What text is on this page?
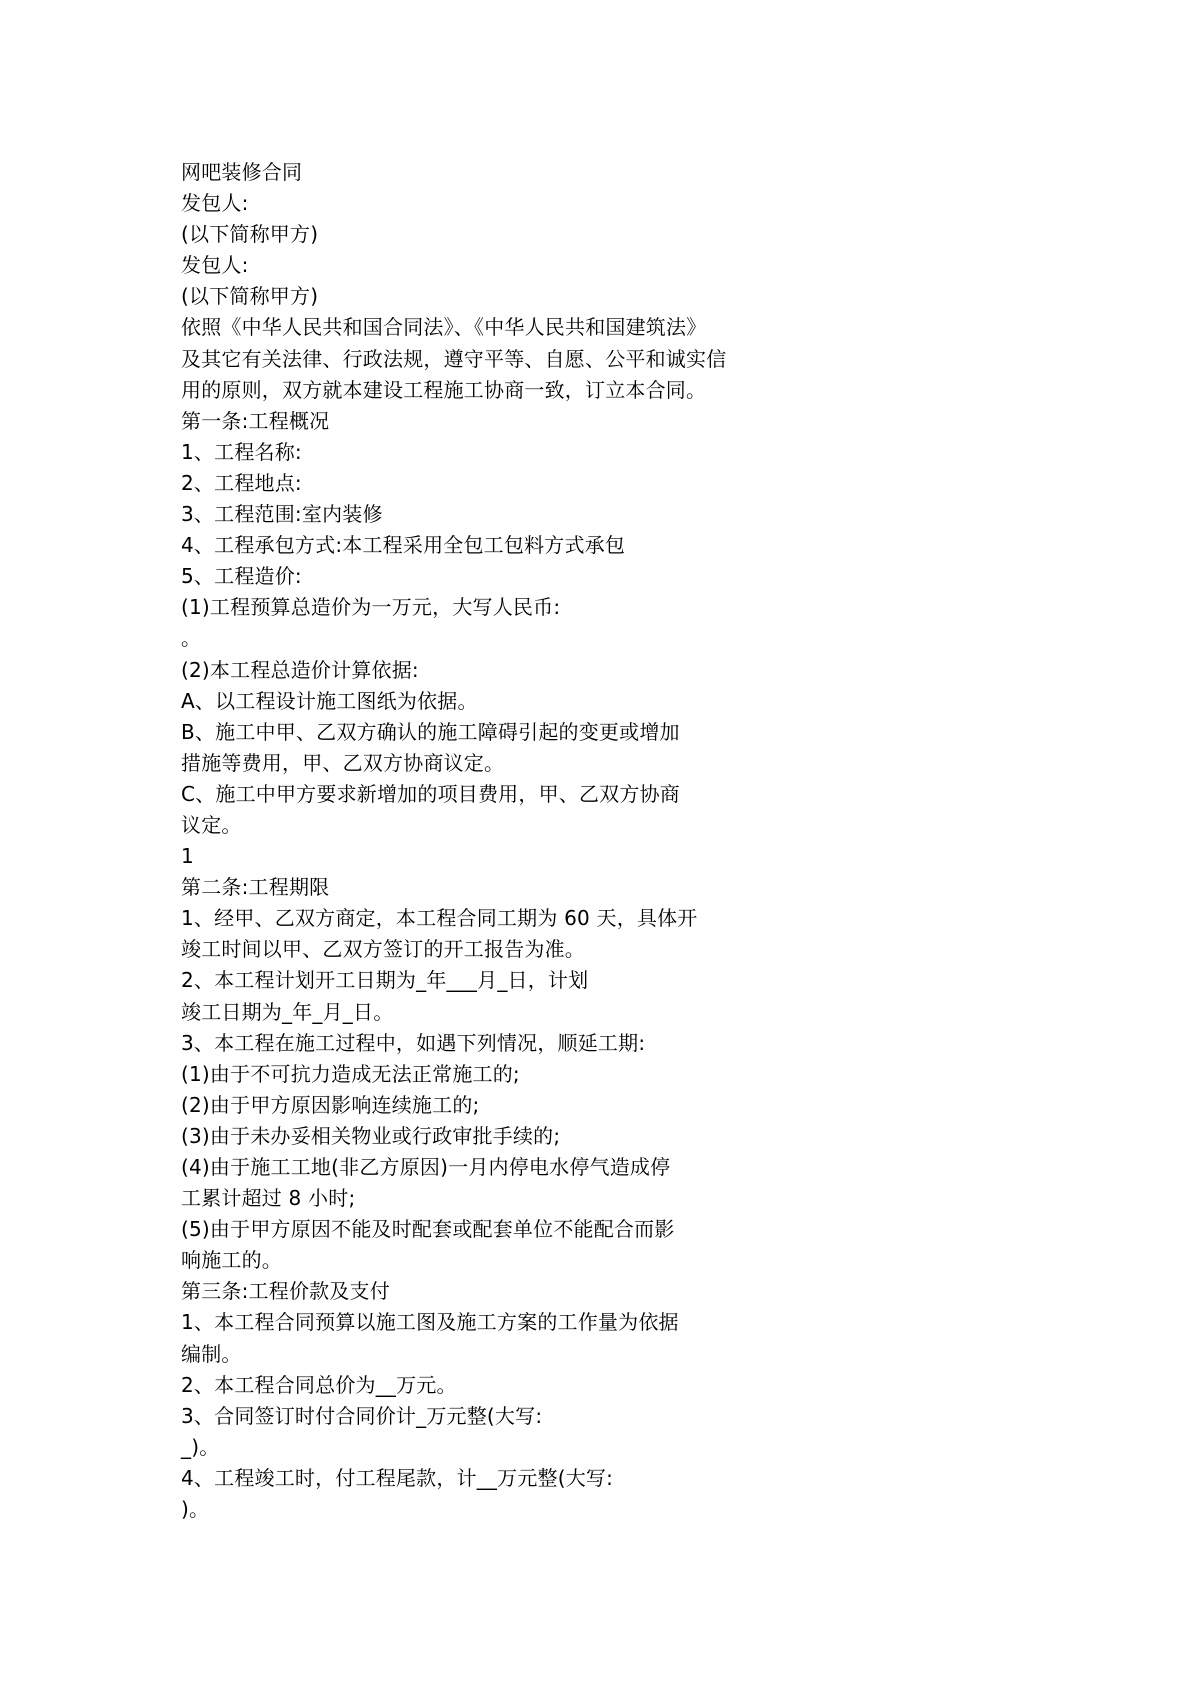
网吧装修合同
发包人:
(以下简称甲方)
发包人:
(以下简称甲方)
依照《中华人民共和国合同法》、《中华人民共和国建筑法》
及其它有关法律、行政法规，遵守平等、自愿、公平和诚实信
用的原则，双方就本建设工程施工协商一致，订立本合同。
第一条:工程概况
1、工程名称:
2、工程地点:
3、工程范围:室内装修
4、工程承包方式:本工程采用全包工包料方式承包
5、工程造价:
(1)工程预算总造价为一万元，大写人民币:
。
(2)本工程总造价计算依据:
A、以工程设计施工图纸为依据。
B、施工中甲、乙双方确认的施工障碍引起的变更或增加
措施等费用，甲、乙双方协商议定。
C、施工中甲方要求新增加的项目费用，甲、乙双方协商
议定。
1
第二条:工程期限
1、经甲、乙双方商定，本工程合同工期为 60 天，具体开
竣工时间以甲、乙双方签订的开工报告为准。
2、本工程计划开工日期为_年___月_日，计划
竣工日期为_年_月_日。
3、本工程在施工过程中，如遇下列情况，顺延工期:
(1)由于不可抗力造成无法正常施工的;
(2)由于甲方原因影响连续施工的;
(3)由于未办妥相关物业或行政审批手续的;
(4)由于施工工地(非乙方原因)一月内停电水停气造成停
工累计超过 8 小时;
(5)由于甲方原因不能及时配套或配套单位不能配合而影
响施工的。
第三条:工程价款及支付
1、本工程合同预算以施工图及施工方案的工作量为依据
编制。
2、本工程合同总价为__万元。
3、合同签订时付合同价计_万元整(大写:
_)。
4、工程竣工时，付工程尾款，计__万元整(大写:
)。
